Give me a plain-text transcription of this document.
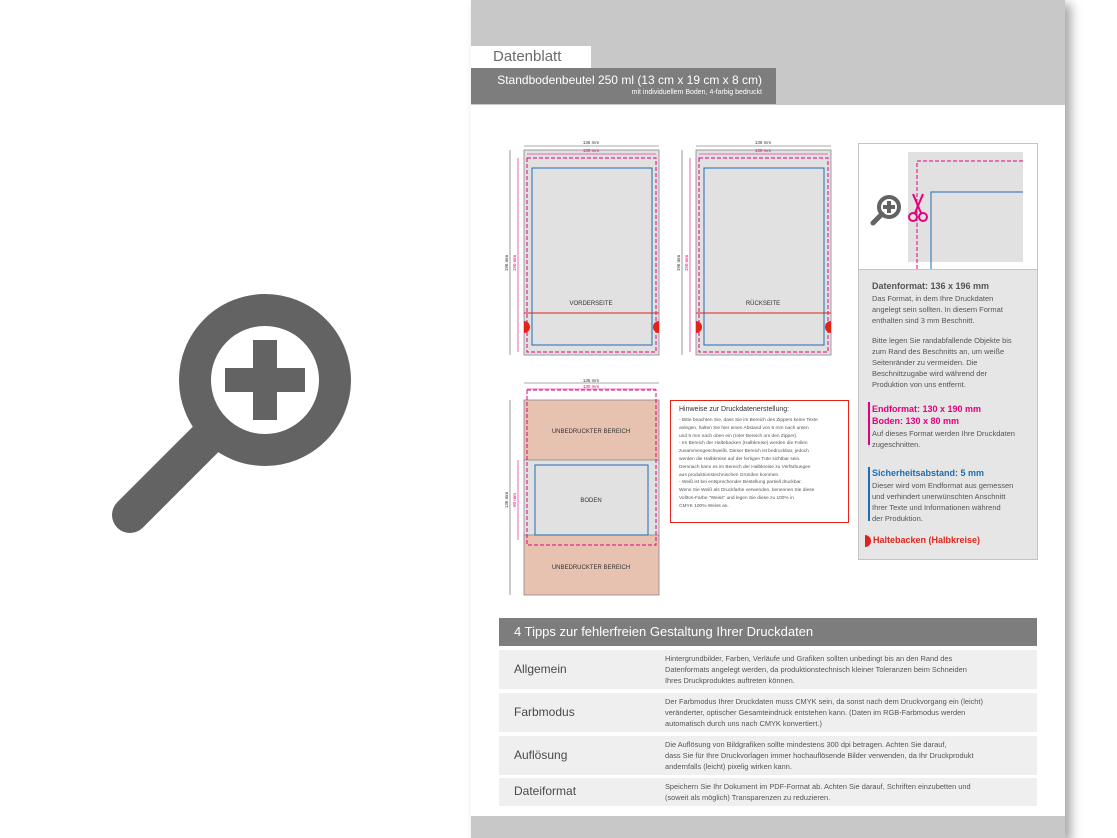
Datenblatt
Standbodenbeutel 250 ml (13 cm x 19 cm x 8 cm)
mit individuellem Boden, 4-farbig bedruckt
VORDERSEITE
136 mm
130 mm
196 mm 190 mm
RÜCKSEITE
136 mm
130 mm
196 mm 190 mm
UNBEDRUCKTER BEREICH
BODEN
UNBEDRUCKTER BEREICH
136 mm
130 mm
136 mm 80 mm
Hinweise zur Druckdatenerstellung:
- Bitte beachten Sie, dass Sie im Bereich des Zippers keine Texte
anlegen, halten Sie hier einen Abstand von 5 mm nach unten
und 5 mm nach oben ein (roter Bereich um den Zipper).
- Im Bereich der Haltebacken (Halbkreise) werden die Folien
zusammengeschweißt. Dieser Bereich ist bedruckbar, jedoch
werden die Halbkreise auf der fertigen Tüte sichtbar sein.
Demnach kann es im Bereich der Halbkreise zu Verfärbungen
aus produktionstechnischen Gründen kommen.
- Weiß ist bei entsprechender Bestellung partiell druckbar.
Wenn Sie Weiß als Druckfarbe verwenden, benennen Sie diese
Vollton-Farbe "Weiss" und legen Sie diese zu 100% in
CMYK 100% Weiss an.
Datenformat: 136 x 196 mm
Das Format, in dem Ihre Druckdaten
angelegt sein sollten. In diesem Format
enthalten sind 3 mm Beschnitt.
Bitte legen Sie randabfallende Objekte bis
zum Rand des Beschnitts an, um weiße
Seitenränder zu vermeiden. Die
Beschnittzugabe wird während der
Produktion von uns entfernt.
Endformat: 130 x 190 mm
Boden: 130 x 80 mm
Auf dieses Format werden Ihre Druckdaten
zugeschnitten.
Sicherheitsabstand: 5 mm
Dieser wird vom Endformat aus gemessen
und verhindert unerwünschten Anschnitt
Ihrer Texte und Informationen während
der Produktion.
Haltebacken (Halbkreise)
4 Tipps zur fehlerfreien Gestaltung Ihrer Druckdaten
Allgemein
Hintergrundbilder, Farben, Verläufe und Grafiken sollten unbedingt bis an den Rand des
Datenformats angelegt werden, da produktionstechnisch kleiner Toleranzen beim Schneiden
Ihres Druckproduktes auftreten können.
Farbmodus
Der Farbmodus Ihrer Druckdaten muss CMYK sein, da sonst nach dem Druckvorgang ein (leicht)
veränderter, optischer Gesamteindruck entstehen kann. (Daten im RGB-Farbmodus werden
automatisch durch uns nach CMYK konvertiert.)
Auflösung
Die Auflösung von Bildgrafiken sollte mindestens 300 dpi betragen. Achten Sie darauf,
dass Sie für Ihre Druckvorlagen immer hochauflösende Bilder verwenden, da Ihr Druckprodukt
andernfalls (leicht) pixelig wirken kann.
Dateiformat	Speichern Sie Ihr Dokument im PDF-Format ab. Achten Sie darauf, Schriften einzubetten und
(soweit als möglich) Transparenzen zu reduzieren.
